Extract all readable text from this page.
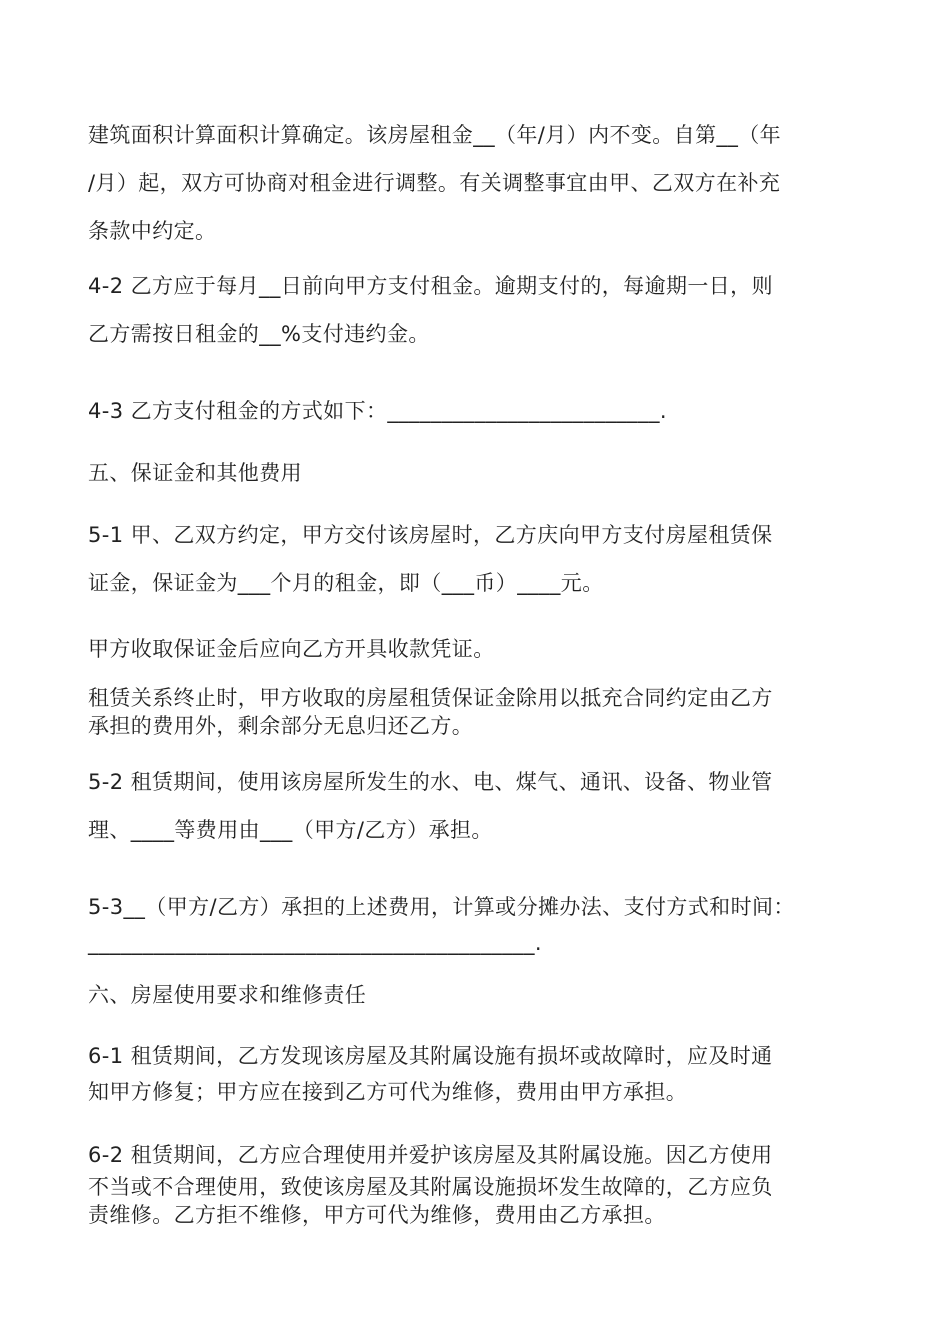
建筑面积计算面积计算确定。该房屋租金__（年/月）内不变。自第__（年
/月）起，双方可协商对租金进行调整。有关调整事宜由甲、乙双方在补充
条款中约定。

4-2 乙方应于每月__日前向甲方支付租金。逾期支付的，每逾期一日，则
乙方需按日租金的__%支付违约金。

4-3 乙方支付租金的方式如下：_________________________.

五、保证金和其他费用

5-1 甲、乙双方约定，甲方交付该房屋时，乙方庆向甲方支付房屋租赁保
证金，保证金为___个月的租金，即（___币）____元。

甲方收取保证金后应向乙方开具收款凭证。

租赁关系终止时，甲方收取的房屋租赁保证金除用以抵充合同约定由乙方
承担的费用外，剩余部分无息归还乙方。

5-2 租赁期间，使用该房屋所发生的水、电、煤气、通讯、设备、物业管
理、____等费用由___（甲方/乙方）承担。

5-3__（甲方/乙方）承担的上述费用，计算或分摊办法、支付方式和时间：
_________________________________________.

六、房屋使用要求和维修责任

6-1 租赁期间，乙方发现该房屋及其附属设施有损坏或故障时，应及时通
知甲方修复；甲方应在接到乙方可代为维修，费用由甲方承担。

6-2 租赁期间，乙方应合理使用并爱护该房屋及其附属设施。因乙方使用
不当或不合理使用，致使该房屋及其附属设施损坏发生故障的，乙方应负
责维修。乙方拒不维修，甲方可代为维修，费用由乙方承担。
